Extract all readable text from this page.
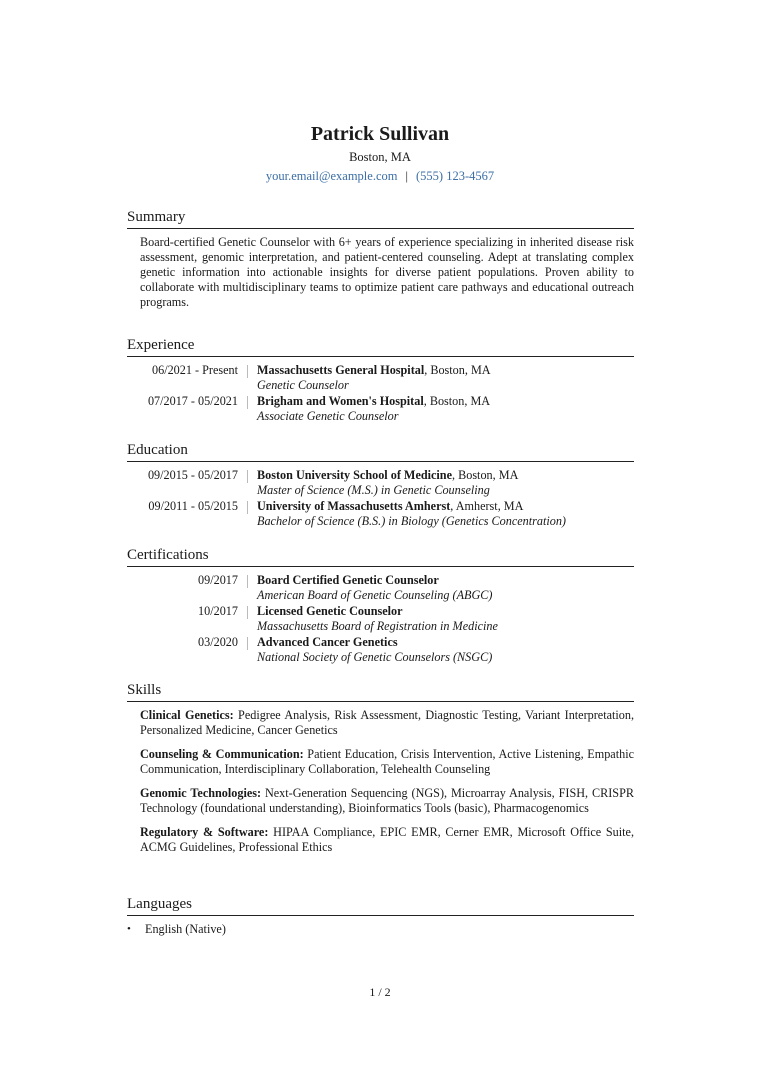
Patrick Sullivan
Boston, MA
your.email@example.com | (555) 123-4567
Summary
Board-certified Genetic Counselor with 6+ years of experience specializing in inherited disease risk assessment, genomic interpretation, and patient-centered counseling. Adept at translating complex genetic information into actionable insights for diverse patient populations. Proven ability to collaborate with multidisciplinary teams to optimize patient care pathways and educational outreach programs.
Experience
06/2021 - Present Massachusetts General Hospital, Boston, MA
Genetic Counselor
07/2017 - 05/2021 Brigham and Women's Hospital, Boston, MA
Associate Genetic Counselor
Education
09/2015 - 05/2017 Boston University School of Medicine, Boston, MA
Master of Science (M.S.) in Genetic Counseling
09/2011 - 05/2015 University of Massachusetts Amherst, Amherst, MA
Bachelor of Science (B.S.) in Biology (Genetics Concentration)
Certifications
09/2017 Board Certified Genetic Counselor
American Board of Genetic Counseling (ABGC)
10/2017 Licensed Genetic Counselor
Massachusetts Board of Registration in Medicine
03/2020 Advanced Cancer Genetics
National Society of Genetic Counselors (NSGC)
Skills
Clinical Genetics: Pedigree Analysis, Risk Assessment, Diagnostic Testing, Variant Interpretation, Personalized Medicine, Cancer Genetics
Counseling & Communication: Patient Education, Crisis Intervention, Active Listening, Empathic Communication, Interdisciplinary Collaboration, Telehealth Counseling
Genomic Technologies: Next-Generation Sequencing (NGS), Microarray Analysis, FISH, CRISPR Technology (foundational understanding), Bioinformatics Tools (basic), Pharmacogenomics
Regulatory & Software: HIPAA Compliance, EPIC EMR, Cerner EMR, Microsoft Office Suite, ACMG Guidelines, Professional Ethics
Languages
• English (Native)
1 / 2
